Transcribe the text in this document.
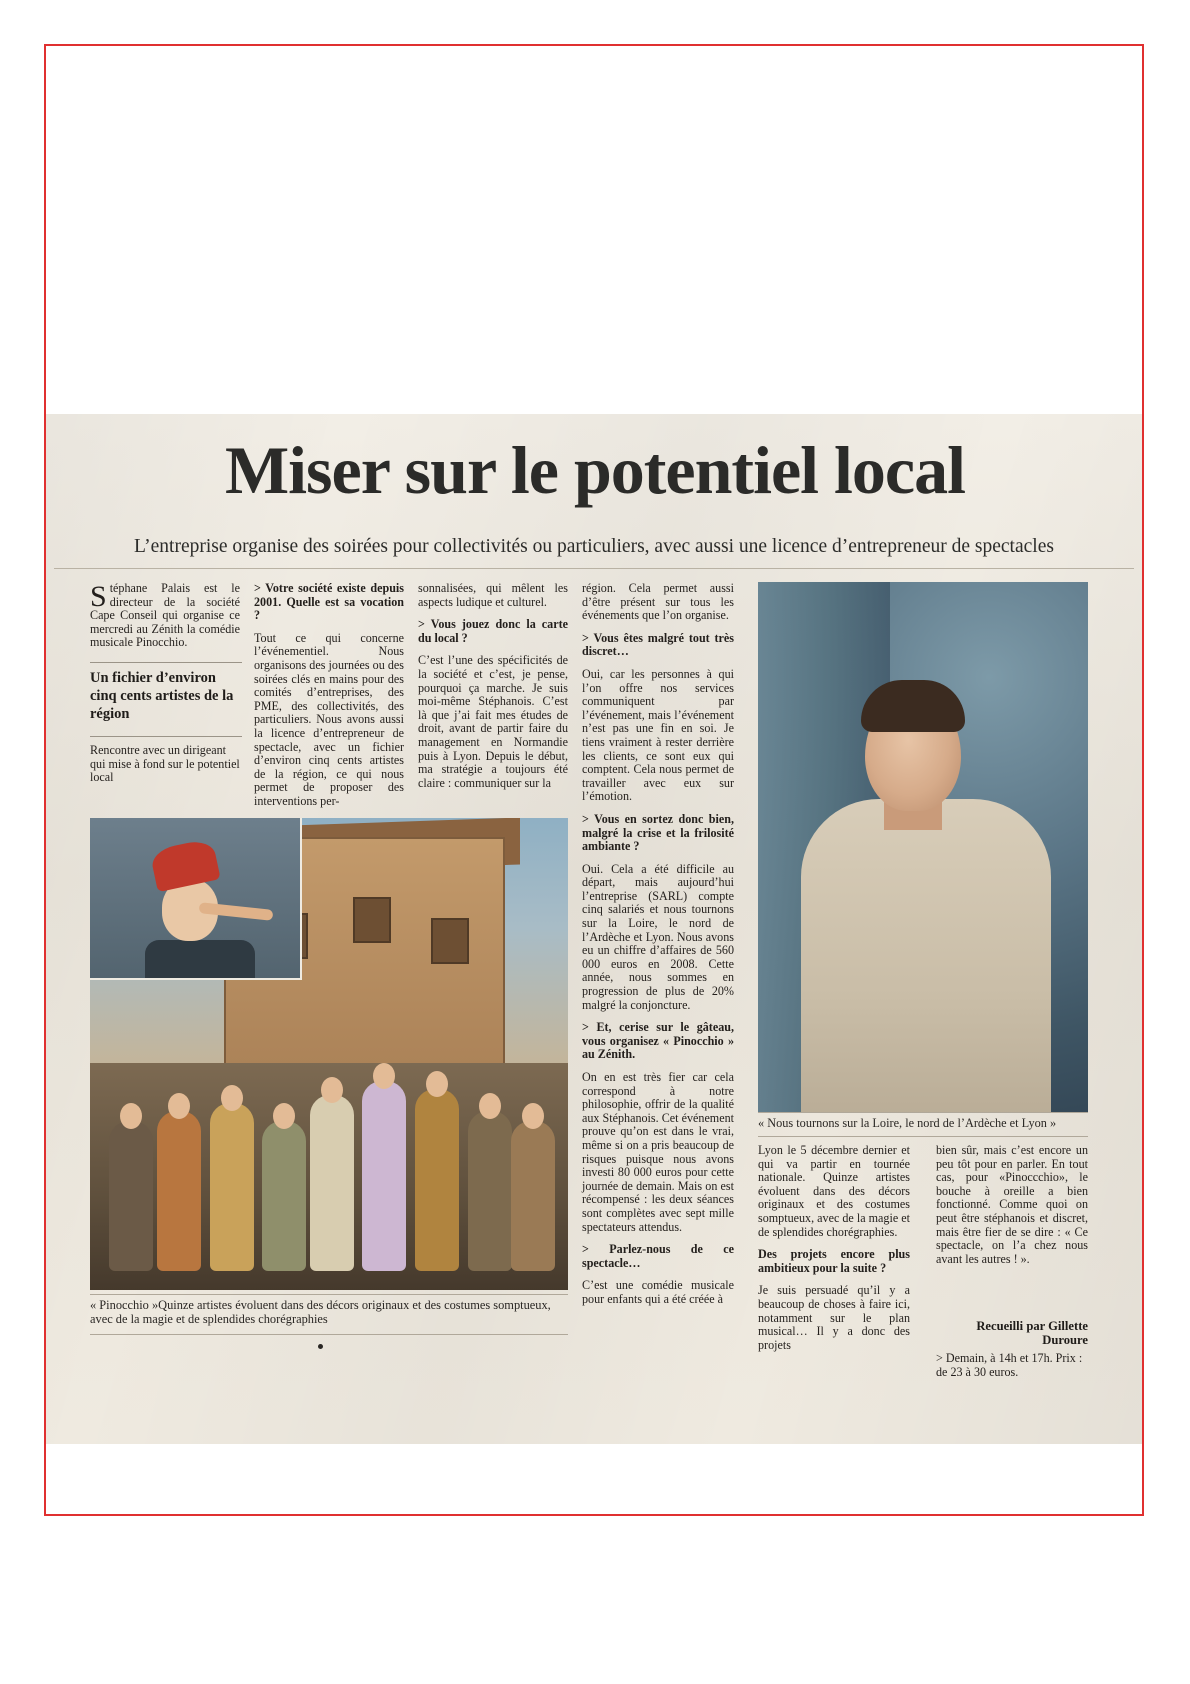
Miser sur le potentiel local
L’entreprise organise des soirées pour collectivités ou particuliers, avec aussi une licence d’entrepreneur de spectacles

Stéphane Palais est le directeur de la société Cape Conseil qui organise ce mercredi au Zénith la comédie musicale Pinocchio.

Un fichier d’environ cinq cents artistes de la région
Rencontre avec un dirigeant qui mise à fond sur le potentiel local

> Votre société existe depuis 2001. Quelle est sa vocation ?

Tout ce qui concerne l’événementiel. Nous organisons des journées ou des soirées clés en mains pour des comités d’entreprises, des PME, des collectivités, des particuliers. Nous avons aussi la licence d’entrepreneur de spectacle, avec un fichier d’environ cinq cents artistes de la région, ce qui nous permet de proposer des interventions per-

sonnalisées, qui mêlent les aspects ludique et culturel.

> Vous jouez donc la carte du local ?

C’est l’une des spécificités de la société et c’est, je pense, pourquoi ça marche. Je suis moi-même Stéphanois. C’est là que j’ai fait mes études de droit, avant de partir faire du management en Normandie puis à Lyon. Depuis le début, ma stratégie a toujours été claire : communiquer sur la

région. Cela permet aussi d’être présent sur tous les événements que l’on organise.

> Vous êtes malgré tout très discret…

Oui, car les personnes à qui l’on offre nos services communiquent par l’événement, mais l’événement n’est pas une fin en soi. Je tiens vraiment à rester derrière les clients, ce sont eux qui comptent. Cela nous permet de travailler avec eux sur l’émotion.

> Vous en sortez donc bien, malgré la crise et la frilosité ambiante ?

Oui. Cela a été difficile au départ, mais aujourd’hui l’entreprise (SARL) compte cinq salariés et nous tournons sur la Loire, le nord de l’Ardèche et Lyon. Nous avons eu un chiffre d’affaires de 560 000 euros en 2008. Cette année, nous sommes en progression de plus de 20% malgré la conjoncture.

> Et, cerise sur le gâteau, vous organisez « Pinocchio » au Zénith.

On en est très fier car cela correspond à notre philosophie, offrir de la qualité aux Stéphanois. Cet événement prouve qu’on est dans le vrai, même si on a pris beaucoup de risques puisque nous avons investi 80 000 euros pour cette journée de demain. Mais on est récompensé : les deux séances sont complètes avec sept mille spectateurs attendus.

> Parlez-nous de ce spectacle…

C’est une comédie musicale pour enfants qui a été créée à

« Nous tournons sur la Loire, le nord de l’Ardèche et Lyon »
« Pinocchio »Quinze artistes évoluent dans des décors originaux et des costumes somptueux, avec de la magie et de splendides chorégraphies

Lyon le 5 décembre dernier et qui va partir en tournée nationale. Quinze artistes évoluent dans des décors originaux et des costumes somptueux, avec de la magie et de splendides chorégraphies.

Des projets encore plus ambitieux pour la suite ?

Je suis persuadé qu’il y a beaucoup de choses à faire ici, notamment sur le plan musical… Il y a donc des projets

bien sûr, mais c’est encore un peu tôt pour en parler. En tout cas, pour «Pinoccchio», le bouche à oreille a bien fonctionné. Comme quoi on peut être stéphanois et discret, mais être fier de se dire : « Ce spectacle, on l’a chez nous avant les autres ! ».

Recueilli par Gillette Duroure
> Demain, à 14h et 17h. Prix : de 23 à 30 euros.
